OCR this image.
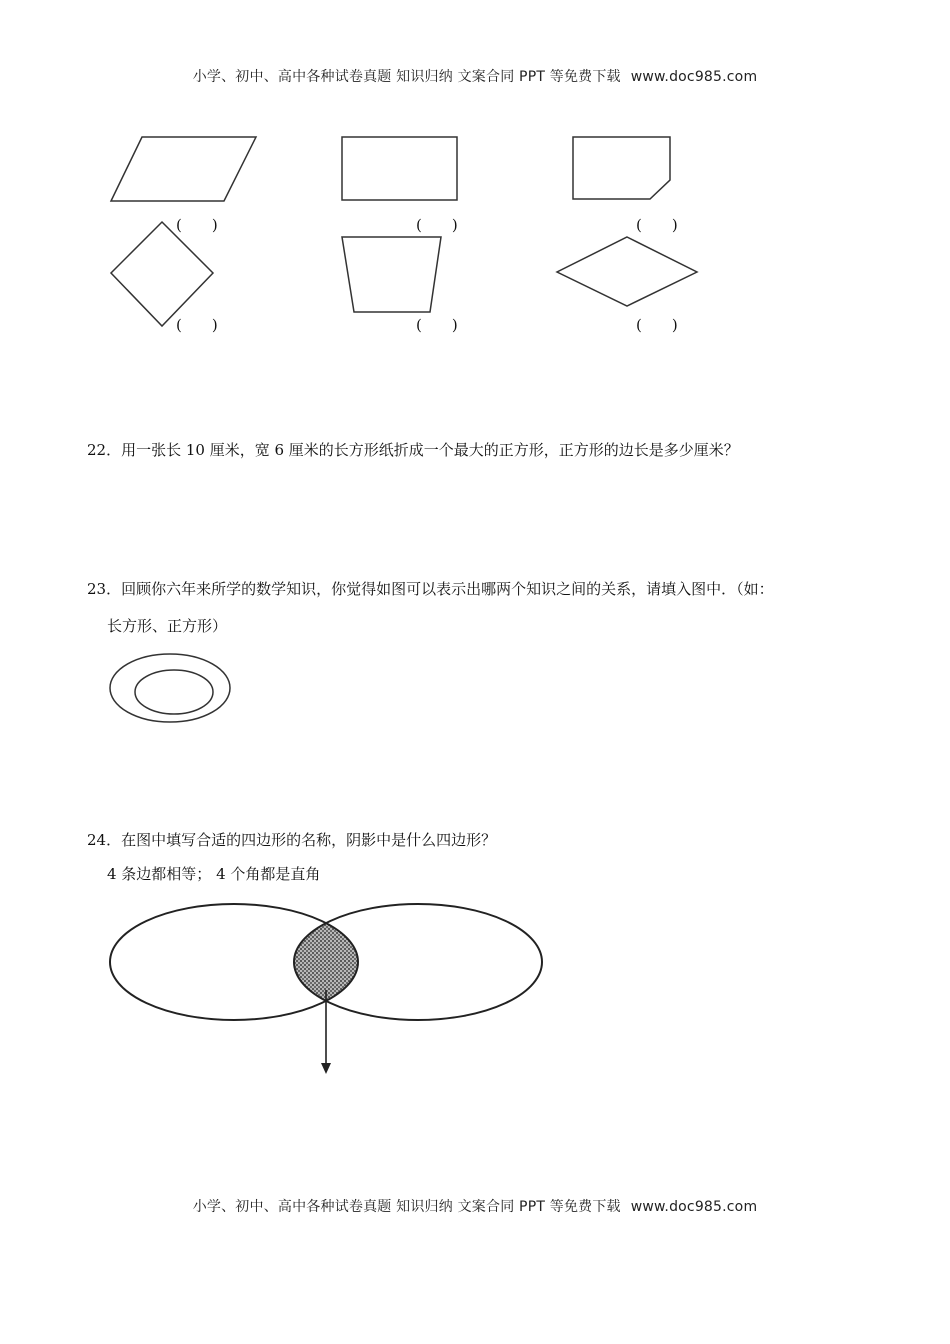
小学、初中、高中各种试卷真题 知识归纳 文案合同 PPT 等免费下载 www.doc985.com
(　　)	(　　)	(　　)
(　　)	(　　)	(　　)
22．用一张长 10 厘米，宽 6 厘米的长方形纸折成一个最大的正方形，正方形的边长是多少厘米？
23．回顾你六年来所学的数学知识，你觉得如图可以表示出哪两个知识之间的关系，请填入图中．（如：
长方形、正方形）
24．在图中填写合适的四边形的名称，阴影中是什么四边形？
4 条边都相等； 4 个角都是直角
小学、初中、高中各种试卷真题 知识归纳 文案合同 PPT 等免费下载 www.doc985.com
